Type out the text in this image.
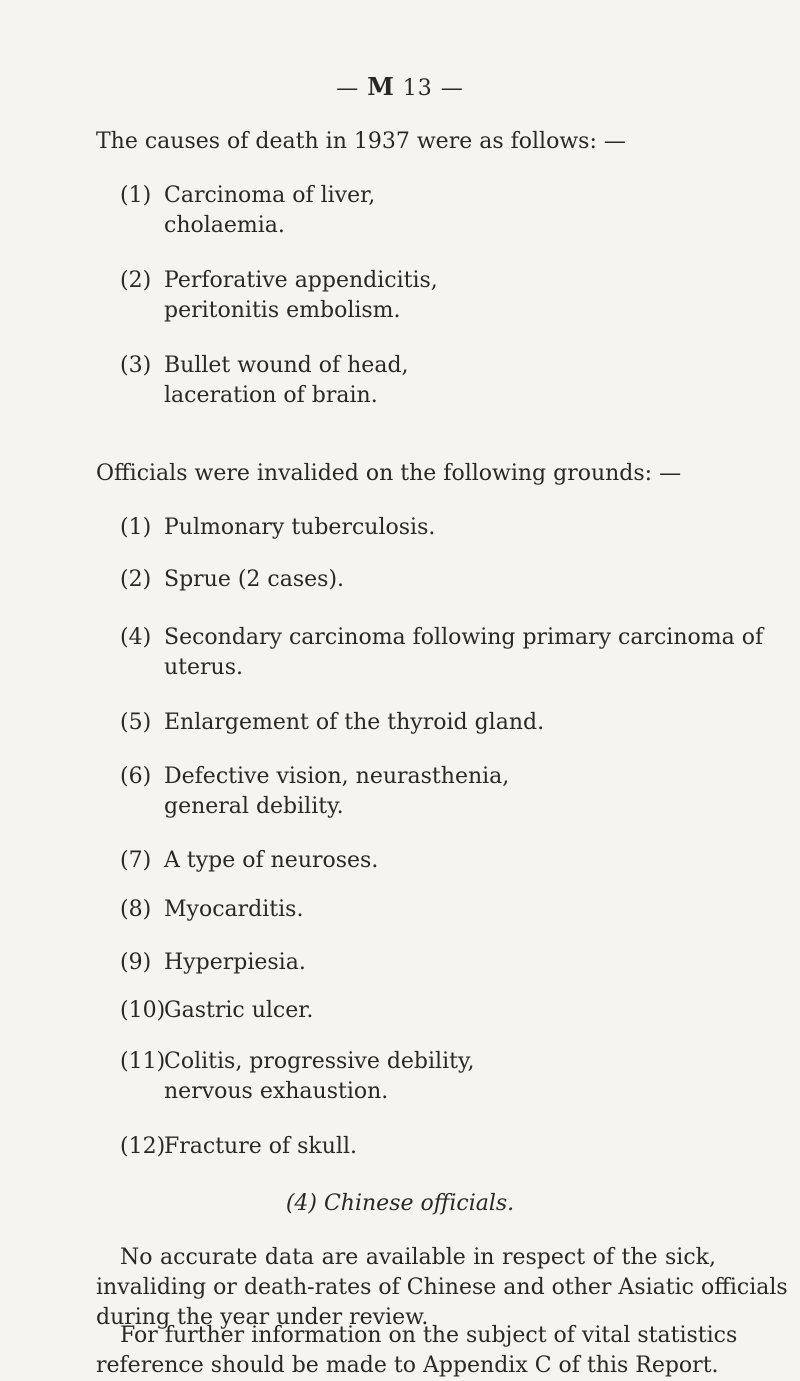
— M 13 —
The causes of death in 1937 were as follows: —
(1) Carcinoma of liver,
cholaemia.
(2) Perforative appendicitis,
peritonitis embolism.
(3) Bullet wound of head,
laceration of brain.
Officials were invalided on the following grounds: —
(1) Pulmonary tuberculosis.
(2) Sprue (2 cases).
(4) Secondary carcinoma following primary carcinoma of
uterus.
(5) Enlargement of the thyroid gland.
(6) Defective vision, neurasthenia,
general debility.
(7) A type of neuroses.
(8) Myocarditis.
(9) Hyperpiesia.
(10)Gastric ulcer.
(11)Colitis, progressive debility,
nervous exhaustion.
(12)Fracture of skull.
(4) Chinese officials.
No accurate data are available in respect of the sick,
invaliding or death-rates of Chinese and other Asiatic officials
during the year under review.
For further information on the subject of vital statistics
reference should be made to Appendix C of this Report.
